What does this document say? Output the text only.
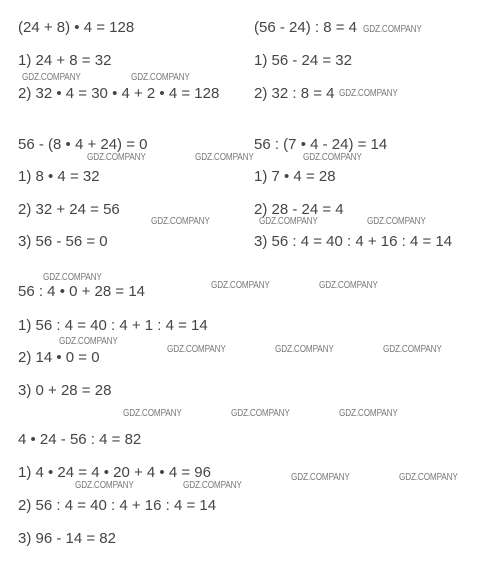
(24 + 8) • 4 = 128
1) 24 + 8 = 32
2) 32 • 4 = 30 • 4 + 2 • 4 = 128
(56 - 24) : 8 = 4
1) 56 - 24 = 32
2) 32 : 8 = 4
56 - (8 • 4 + 24) = 0
1) 8 • 4 = 32
2) 32 + 24 = 56
3) 56 - 56 = 0
56 : (7 • 4 - 24) = 14
1) 7 • 4 = 28
2) 28 - 24 = 4
3) 56 : 4 = 40 : 4 + 16 : 4 = 14
56 : 4 • 0 + 28 = 14
1) 56 : 4 = 40 : 4 + 1 : 4 = 14
2) 14 • 0 = 0
3) 0 + 28 = 28
4 • 24 - 56 : 4 = 82
1) 4 • 24 = 4 • 20 + 4 • 4 = 96
2) 56 : 4 = 40 : 4 + 16 : 4 = 14
3) 96 - 14 = 82
GDZ.COMPANY
GDZ.COMPANY	GDZ.COMPANY
GDZ.COMPANY
GDZ.COMPANY	GDZ.COMPANY	GDZ.COMPANY
GDZ.COMPANY	GDZ.COMPANY	GDZ.COMPANY
GDZ.COMPANY
GDZ.COMPANY	GDZ.COMPANY
GDZ.COMPANY
GDZ.COMPANY	GDZ.COMPANY	GDZ.COMPANY
GDZ.COMPANY	GDZ.COMPANY	GDZ.COMPANY
GDZ.COMPANY	GDZ.COMPANY
GDZ.COMPANY	GDZ.COMPANY
